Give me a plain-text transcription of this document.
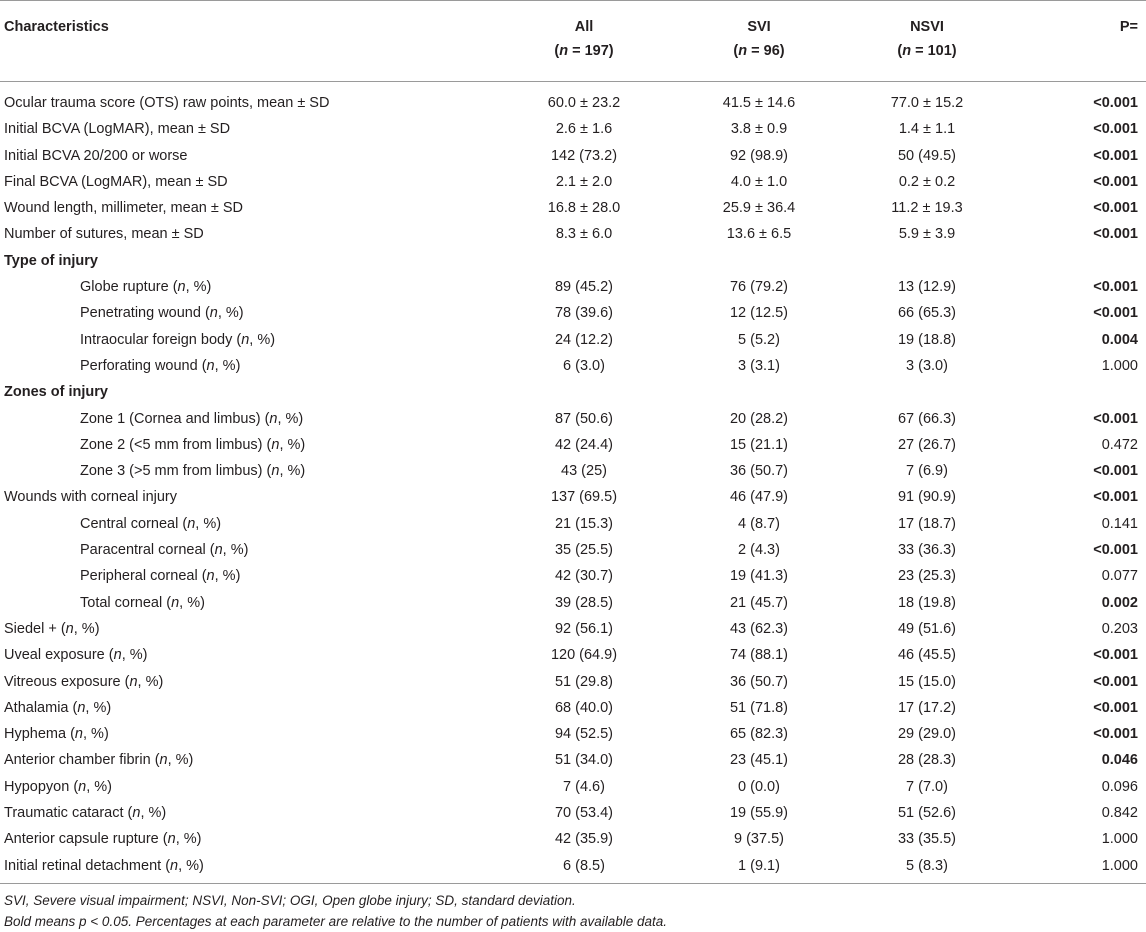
Characteristics	All	SVI	NSVI	P=
	(n = 197)	(n = 96)	(n = 101)	

Ocular trauma score (OTS) raw points, mean ± SD	60.0 ± 23.2	41.5 ± 14.6	77.0 ± 15.2	<0.001
Initial BCVA (LogMAR), mean ± SD	2.6 ± 1.6	3.8 ± 0.9	1.4 ± 1.1	<0.001
Initial BCVA 20/200 or worse	142 (73.2)	92 (98.9)	50 (49.5)	<0.001
Final BCVA (LogMAR), mean ± SD	2.1 ± 2.0	4.0 ± 1.0	0.2 ± 0.2	<0.001
Wound length, millimeter, mean ± SD	16.8 ± 28.0	25.9 ± 36.4	11.2 ± 19.3	<0.001
Number of sutures, mean ± SD	8.3 ± 6.0	13.6 ± 6.5	5.9 ± 3.9	<0.001
Type of injury				
Globe rupture (n, %)	89 (45.2)	76 (79.2)	13 (12.9)	<0.001
Penetrating wound (n, %)	78 (39.6)	12 (12.5)	66 (65.3)	<0.001
Intraocular foreign body (n, %)	24 (12.2)	5 (5.2)	19 (18.8)	0.004
Perforating wound (n, %)	6 (3.0)	3 (3.1)	3 (3.0)	1.000
Zones of injury				
Zone 1 (Cornea and limbus) (n, %)	87 (50.6)	20 (28.2)	67 (66.3)	<0.001
Zone 2 (<5 mm from limbus) (n, %)	42 (24.4)	15 (21.1)	27 (26.7)	0.472
Zone 3 (>5 mm from limbus) (n, %)	43 (25)	36 (50.7)	7 (6.9)	<0.001
Wounds with corneal injury	137 (69.5)	46 (47.9)	91 (90.9)	<0.001
Central corneal (n, %)	21 (15.3)	4 (8.7)	17 (18.7)	0.141
Paracentral corneal (n, %)	35 (25.5)	2 (4.3)	33 (36.3)	<0.001
Peripheral corneal (n, %)	42 (30.7)	19 (41.3)	23 (25.3)	0.077
Total corneal (n, %)	39 (28.5)	21 (45.7)	18 (19.8)	0.002
Siedel + (n, %)	92 (56.1)	43 (62.3)	49 (51.6)	0.203
Uveal exposure (n, %)	120 (64.9)	74 (88.1)	46 (45.5)	<0.001
Vitreous exposure (n, %)	51 (29.8)	36 (50.7)	15 (15.0)	<0.001
Athalamia (n, %)	68 (40.0)	51 (71.8)	17 (17.2)	<0.001
Hyphema (n, %)	94 (52.5)	65 (82.3)	29 (29.0)	<0.001
Anterior chamber fibrin (n, %)	51 (34.0)	23 (45.1)	28 (28.3)	0.046
Hypopyon (n, %)	7 (4.6)	0 (0.0)	7 (7.0)	0.096
Traumatic cataract (n, %)	70 (53.4)	19 (55.9)	51 (52.6)	0.842
Anterior capsule rupture (n, %)	42 (35.9)	9 (37.5)	33 (35.5)	1.000
Initial retinal detachment (n, %)	6 (8.5)	1 (9.1)	5 (8.3)	1.000
SVI, Severe visual impairment; NSVI, Non-SVI; OGI, Open globe injury; SD, standard deviation.
Bold means p < 0.05. Percentages at each parameter are relative to the number of patients with available data.
